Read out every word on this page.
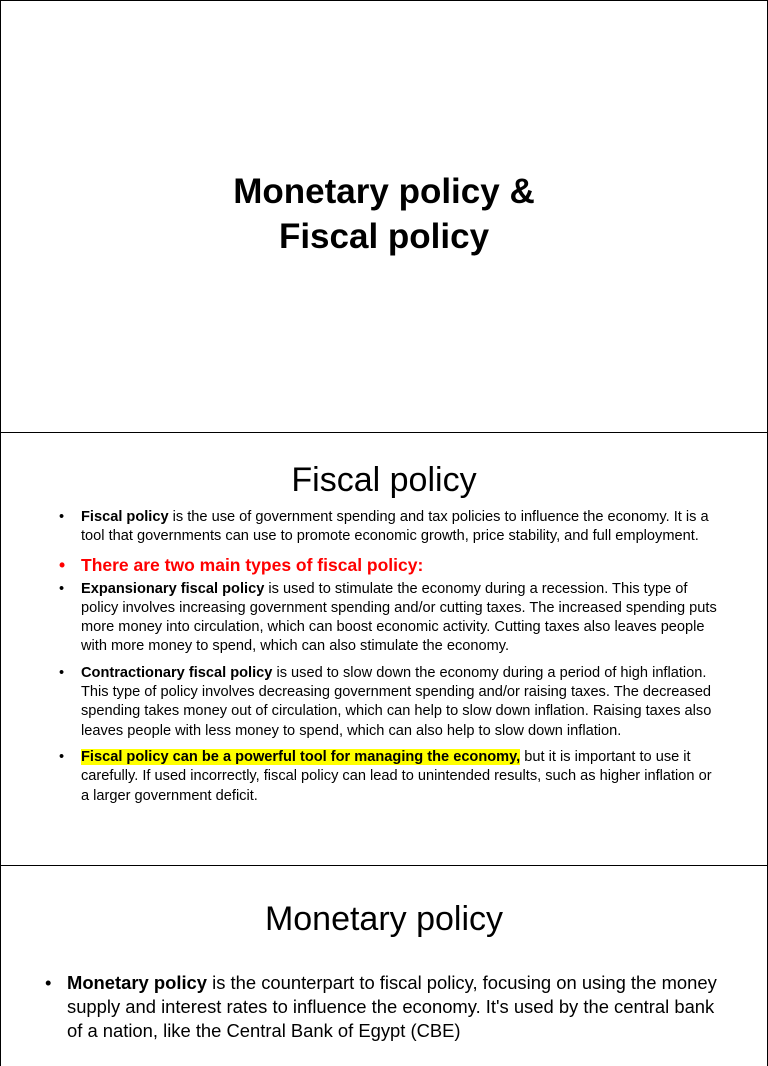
Monetary policy &
Fiscal policy
Fiscal policy
• Fiscal policy is the use of government spending and tax policies to influence the economy. It is a tool that governments can use to promote economic growth, price stability, and full employment.
• There are two main types of fiscal policy:
• Expansionary fiscal policy is used to stimulate the economy during a recession. This type of policy involves increasing government spending and/or cutting taxes. The increased spending puts more money into circulation, which can boost economic activity. Cutting taxes also leaves people with more money to spend, which can also stimulate the economy.
• Contractionary fiscal policy is used to slow down the economy during a period of high inflation. This type of policy involves decreasing government spending and/or raising taxes. The decreased spending takes money out of circulation, which can help to slow down inflation. Raising taxes also leaves people with less money to spend, which can also help to slow down inflation.
• Fiscal policy can be a powerful tool for managing the economy, but it is important to use it carefully. If used incorrectly, fiscal policy can lead to unintended results, such as higher inflation or a larger government deficit.
Monetary policy
• Monetary policy is the counterpart to fiscal policy, focusing on using the money supply and interest rates to influence the economy. It's used by the central bank of a nation, like the Central Bank of Egypt (CBE)
